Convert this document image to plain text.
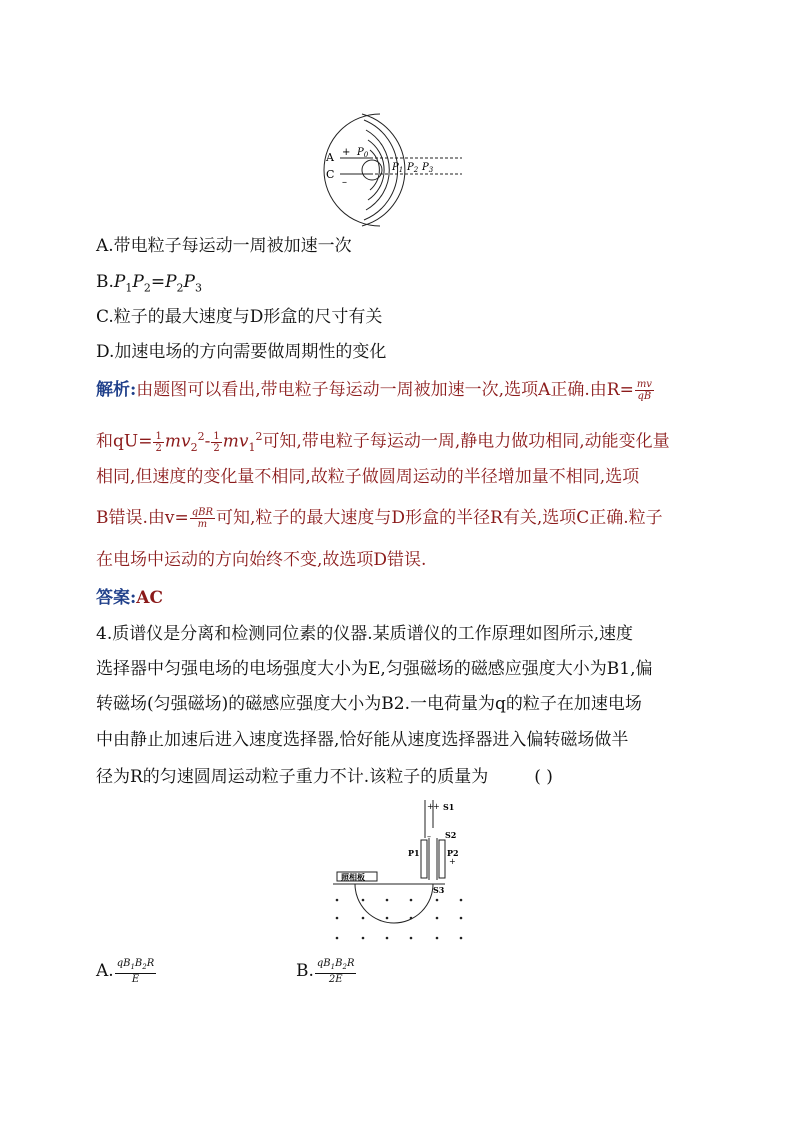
A
C
+
–
$P_0$
$P_1$ $P_2$ $P_3$
A.带电粒子每运动一周被加速一次
$B.P_1P_2=P_2P_3$
C.粒子的最大速度与D形盒的尺寸有关
D.加速电场的方向需要做周期性的变化
解析:由题图可以看出,带电粒子每运动一周被加速一次,选项A正确.由$R= \frac{mv}{qB}$
和$qU= \frac{1}{2} mv_2^2- \frac{1}{2} mv_1^2$可知,带电粒子每运动一周,静电力做功相同,动能变化量
相同,但速度的变化量不相同,故粒子做圆周运动的半径增加量不相同,选项
B错误.由$v= \frac{\text{qBR}}{m}$ 可知,粒子的最大速度与D形盒的半径R有关,选项C正确.粒子
在电场中运动的方向始终不变,故选项D错误.
答案:AC
4.质谱仪是分离和检测同位素的仪器.某质谱仪的工作原理如图所示,速度
选择器中匀强电场的电场强度大小为E,匀强磁场的磁感应强度大小为B1,偏
转磁场(匀强磁场)的磁感应强度大小为B2.一电荷量为q的粒子在加速电场
中由静止加速后进入速度选择器,恰好能从速度选择器进入偏转磁场做半
径为R的匀速圆周运动粒子重力不计.该粒子的质量为	( )
+ + S1
– S2
P1	P2
+
照相板
S3
A. $\frac{qB_1B_2R}{E}$	B. $\frac{qB_1B_2R}{2E}$
